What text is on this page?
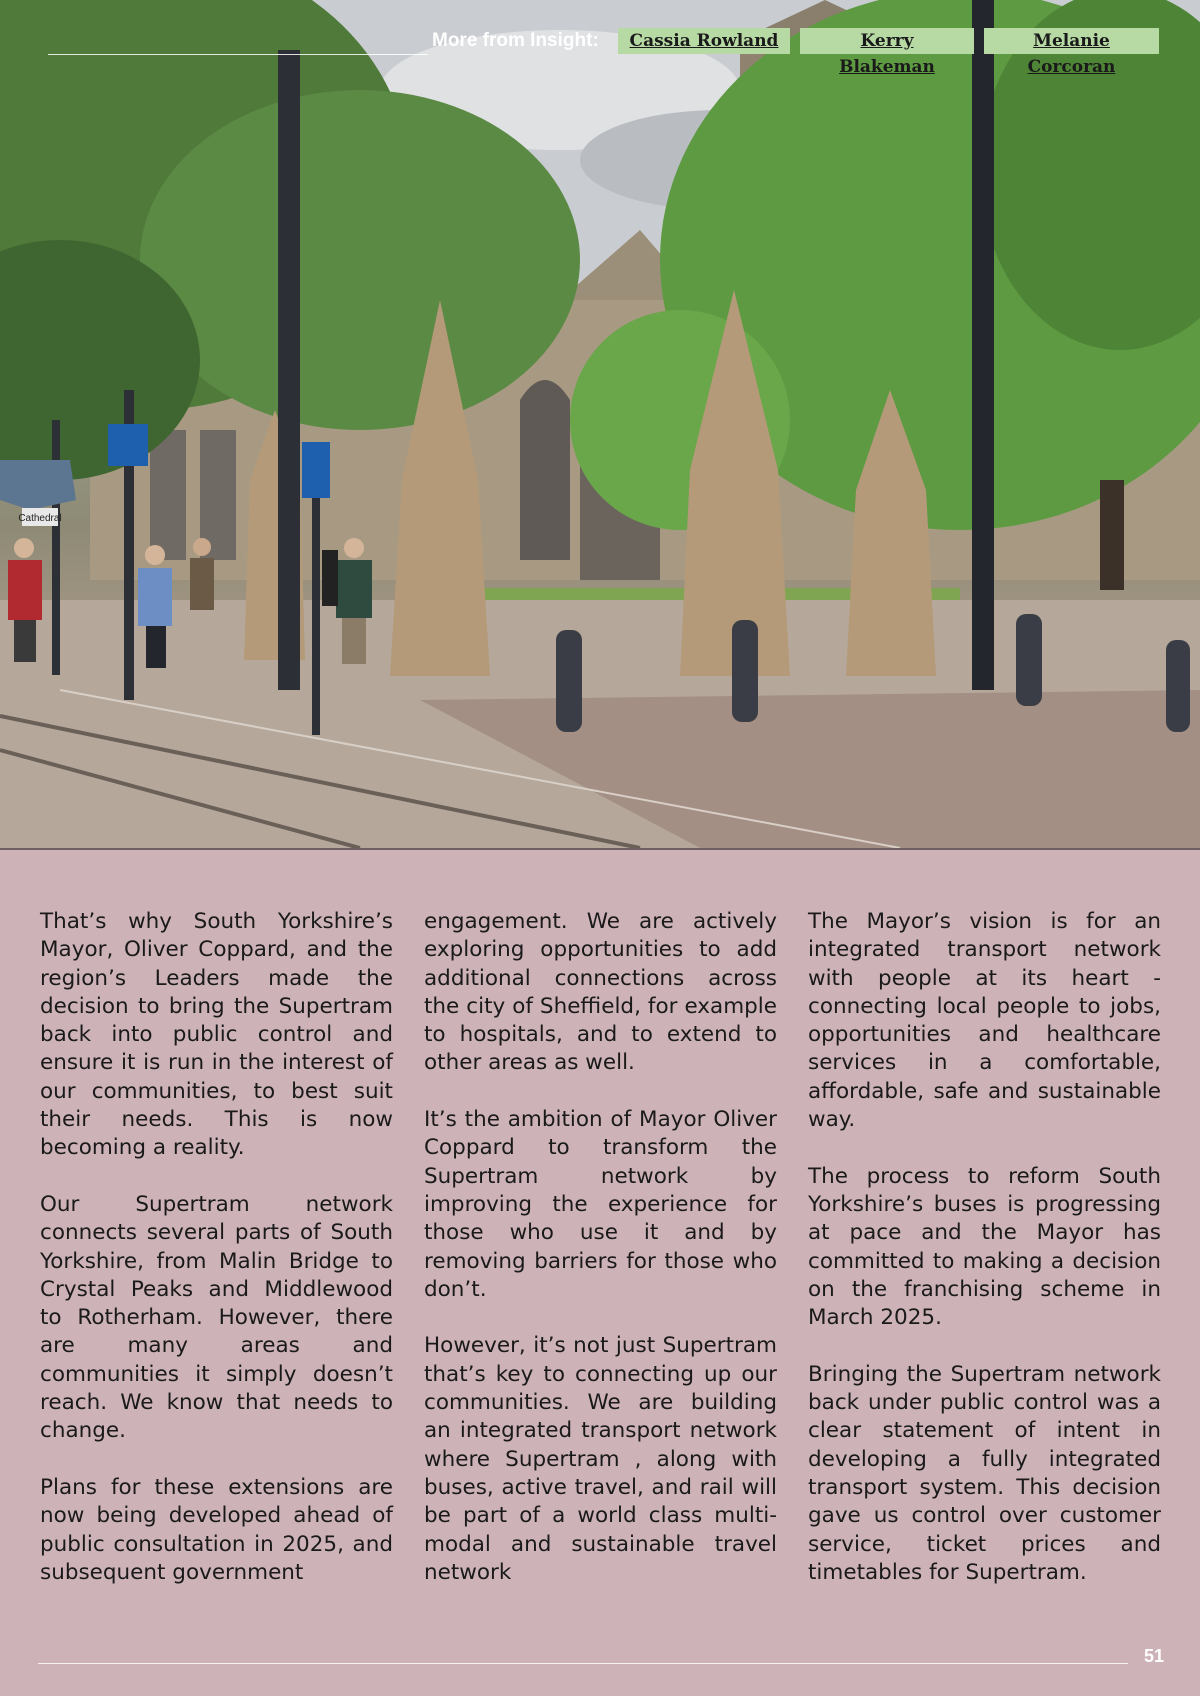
Cathedral
More from Insight:	Cassia Rowland	Kerry Blakeman
Melanie Corcoran

That’s why South Yorkshire’s Mayor, Oliver Coppard, and the region’s Leaders made the decision to bring the Supertram back into public control and ensure it is run in the interest of our communities, to best suit their needs. This is now becoming a reality.

Our Supertram network connects several parts of South Yorkshire, from Malin Bridge to Crystal Peaks and Middlewood to Rotherham. However, there are many areas and communities it simply doesn’t reach. We know that needs to change.

Plans for these extensions are now being developed ahead of public consultation in 2025, and subsequent government

engagement. We are actively exploring opportunities to add additional connections across the city of Sheffield, for example to hospitals, and to extend to other areas as well.

It’s the ambition of Mayor Oliver Coppard to transform the Supertram network by improving the experience for those who use it and by removing barriers for those who don’t.

However, it’s not just Supertram that’s key to connecting up our communities. We are building an integrated transport network where Supertram , along with buses, active travel, and rail will be part of a world class multi-modal and sustainable travel network

The Mayor’s vision is for an integrated transport network with people at its heart - connecting local people to jobs, opportunities and healthcare services in a comfortable, affordable, safe and sustainable way.

The process to reform South Yorkshire’s buses is progressing at pace and the Mayor has committed to making a decision on the franchising scheme in March 2025.

Bringing the Supertram network back under public control was a clear statement of intent in developing a fully integrated transport system. This decision gave us control over customer service, ticket prices and timetables for Supertram.

51
